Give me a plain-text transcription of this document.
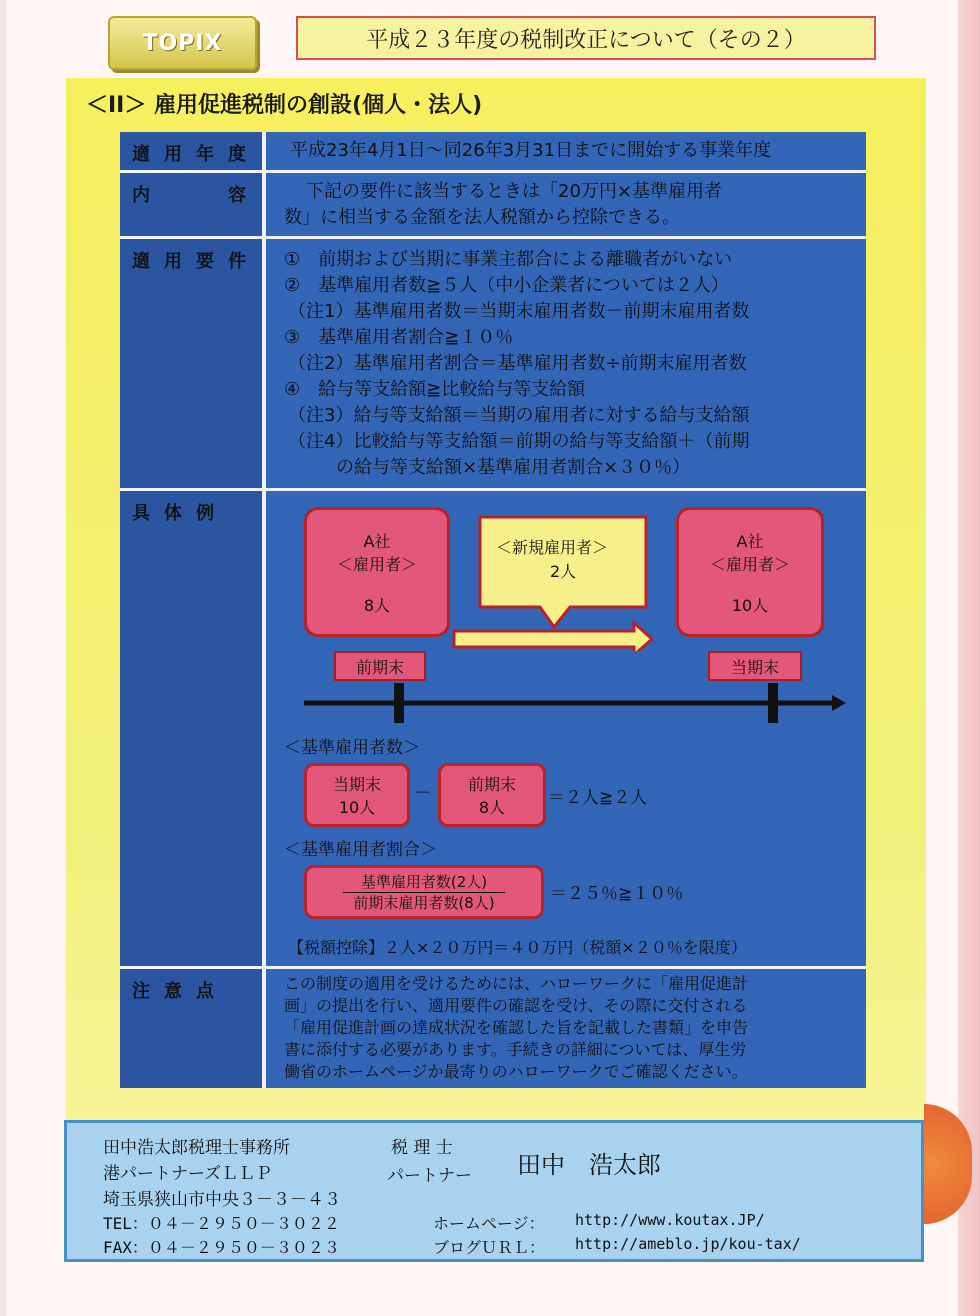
TOPIX	平成２３年度の税制改正について（その２）
＜II＞ 雇用促進税制の創設(個人・法人)
適用年度 平成23年4月1日～同26年3月31日までに開始する事業年度
内　　容	下記の要件に該当するときは「20万円×基準雇用者
数」に相当する金額を法人税額から控除できる。
適用要件 ①　前期および当期に事業主都合による離職者がいない
②　基準雇用者数≧５人（中小企業者については２人）
（注1）基準雇用者数＝当期末雇用者数－前期末雇用者数
③　基準雇用者割合≧１０％
（注2）基準雇用者割合＝基準雇用者数÷前期末雇用者数
④　給与等支給額≧比較給与等支給額
（注3）給与等支給額＝当期の雇用者に対する給与支給額
（注4）比較給与等支給額＝前期の給与等支給額＋（前期
の給与等支給額×基準雇用者割合×３０％）
具体例
A社
＜雇用者＞
8人
＜新規雇用者＞
2人
A社
＜雇用者＞
10人
前期末	当期末
＜基準雇用者数＞
当期末
10人
－ 前期末
8人	＝２人≧２人
＜基準雇用者割合＞
基準雇用者数(2人)
前期末雇用者数(8人)	＝２５％≧１０％
【税額控除】２人×２０万円＝４０万円（税額×２０％を限度）
注意点	この制度の適用を受けるためには、ハローワークに「雇用促進計
画」の提出を行い、適用要件の確認を受け、その際に交付される
「雇用促進計画の達成状況を確認した旨を記載した書類」を申告
書に添付する必要があります。手続きの詳細については、厚生労
働省のホームページか最寄りのハローワークでご確認ください。
田中浩太郎税理士事務所
港パートナーズＬＬＰ
税 理 士
パートナー 田中　浩太郎
埼玉県狭山市中央３－３－４３
TEL：０４－２９５０－３０２２
FAX：０４－２９５０－３０２３
ホームページ： http://www.koutax.JP/
ブログＵＲＬ： http://ameblo.jp/kou-tax/
